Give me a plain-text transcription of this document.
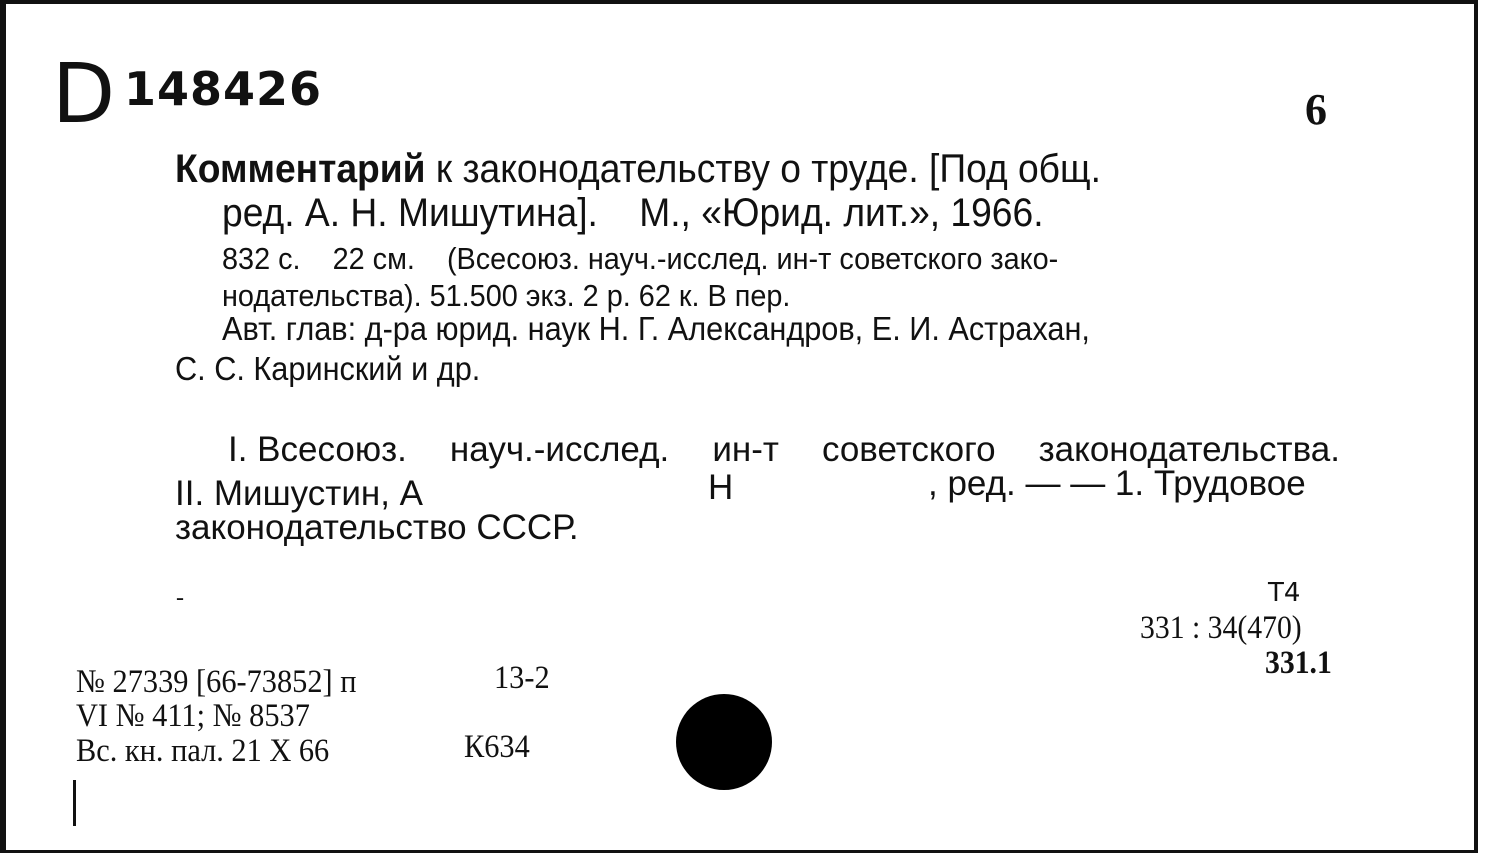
D 148426	6
Комментарий к законодательству о труде. [Под общ.
ред. А. Н. Мишутина].    М., «Юрид. лит.», 1966.
832 с.    22 см.    (Всесоюз. науч.-исслед. ин-т советского зако-
нодательства). 51.500 экз. 2 р. 62 к. В пер.
Авт. глав: д-ра юрид. наук Н. Г. Александров, Е. И. Астрахан,
С. С. Каринский и др.
I. Всесоюз. науч.-исслед. ин-т советского законодательства.
II. Мишустин, А	Н	, ред. — — 1. Трудовое
законодательство СССР.
-	Т4
331 : 34(470)
331.1
№ 27339 [66-73852] п	13-2
VI № 411; № 8537
Вс. кн. пал. 21 X 66	К634
